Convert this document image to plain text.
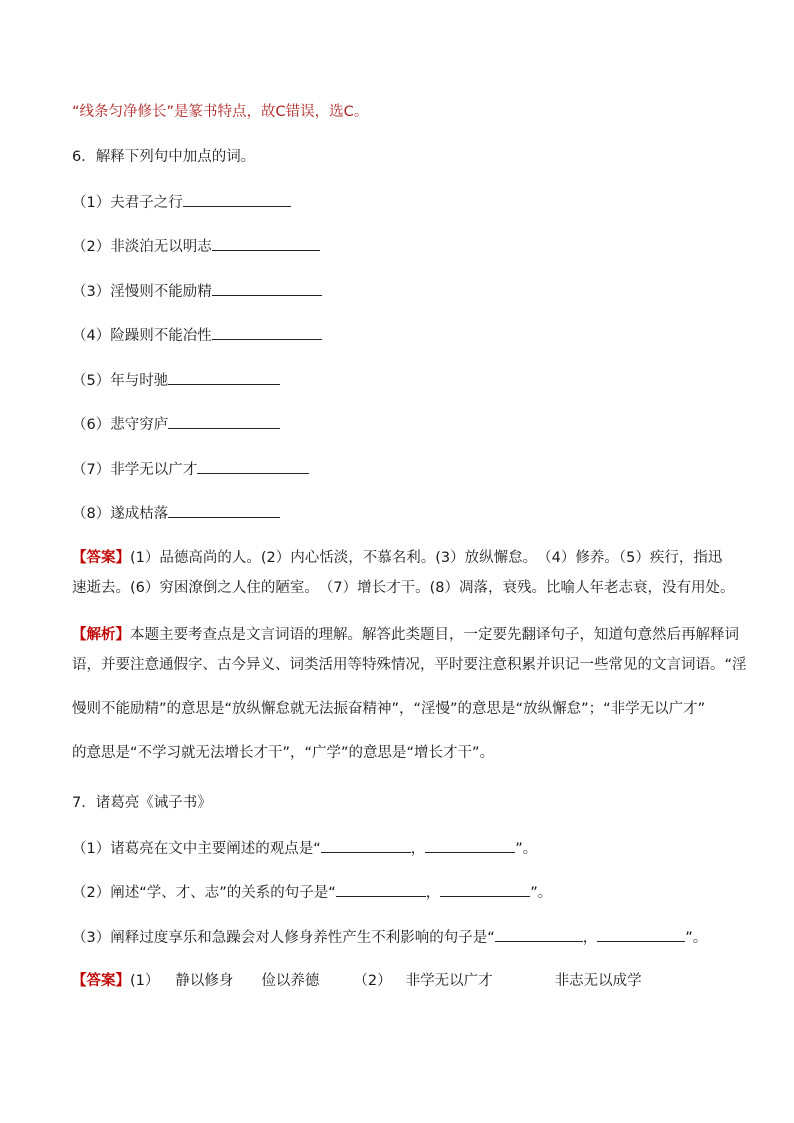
“线条匀净修长”是篆书特点，故C错误，选C。
6．解释下列句中加点的词。
（1）夫君子之行
（2）非淡泊无以明志
（3）淫慢则不能励精
（4）险躁则不能冶性
（5）年与时驰
（6）悲守穷庐
（7）非学无以广才
（8）遂成枯落
【答案】(1）品德高尚的人。(2）内心恬淡，不慕名利。(3）放纵懈怠。　（4）修养。（5）疾行，指迅
速逝去。(6）穷困潦倒之人住的陋室。　（7）增长才干。(8）凋落，衰残。比喻人年老志衰，没有用处。
【解析】本题主要考查点是文言词语的理解。解答此类题目，一定要先翻译句子，知道句意然后再解释词
语，并要注意通假字、古今异义、词类活用等特殊情况，平时要注意积累并识记一些常见的文言词语。“淫
慢则不能励精”的意思是“放纵懈怠就无法振奋精神”，“淫慢”的意思是“放纵懈怠”；“非学无以广才”
的意思是“不学习就无法增长才干”，“广学”的意思是“增长才干”。
7．诸葛亮《诫子书》
（1）诸葛亮在文中主要阐述的观点是“	，	”。
（2）阐述“学、才、志”的关系的句子是“	，	”。
（3）阐释过度享乐和急躁会对人修身养性产生不利影响的句子是“	，	”。
【答案】(1） 静以修身 俭以养德 （2） 非学无以广才	非志无以成学
